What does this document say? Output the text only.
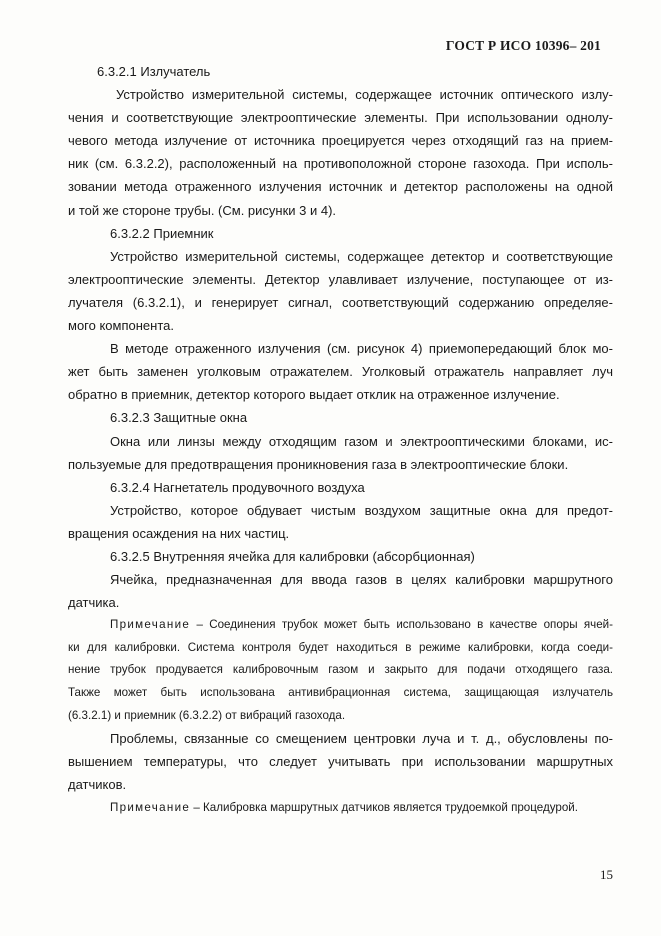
ГОСТ Р ИСО 10396– 201
6.3.2.1 Излучатель
Устройство измерительной системы, содержащее источник оптического излу-
чения и соответствующие электрооптические элементы. При использовании однолу-
чевого метода излучение от источника проецируется через отходящий газ на прием-
ник (см. 6.3.2.2), расположенный на противоположной стороне газохода. При исполь-
зовании метода отраженного излучения источник и детектор расположены на одной
и той же стороне трубы. (См. рисунки 3 и 4).
6.3.2.2 Приемник
Устройство измерительной системы, содержащее детектор и соответствующие
электрооптические элементы. Детектор улавливает излучение, поступающее от из-
лучателя (6.3.2.1), и генерирует сигнал, соответствующий содержанию определяе-
мого компонента.
В методе отраженного излучения (см. рисунок 4) приемопередающий блок мо-
жет быть заменен уголковым отражателем. Уголковый отражатель направляет луч
обратно в приемник, детектор которого выдает отклик на отраженное излучение.
6.3.2.3 Защитные окна
Окна или линзы между отходящим газом и электрооптическими блоками, ис-
пользуемые для предотвращения проникновения газа в электрооптические блоки.
6.3.2.4 Нагнетатель продувочного воздуха
Устройство, которое обдувает чистым воздухом защитные окна для предот-
вращения осаждения на них частиц.
6.3.2.5 Внутренняя ячейка для калибровки (абсорбционная)
Ячейка, предназначенная для ввода газов в целях калибровки маршрутного
датчика.
Примечание – Соединения трубок может быть использовано в качестве опоры ячей-
ки для калибровки. Система контроля будет находиться в режиме калибровки, когда соеди-
нение трубок продувается калибровочным газом и закрыто для подачи отходящего газа.
Также может быть использована антивибрационная система, защищающая излучатель
(6.3.2.1) и приемник (6.3.2.2) от вибраций газохода.
Проблемы, связанные со смещением центровки луча и т. д., обусловлены по-
вышением температуры, что следует учитывать при использовании маршрутных
датчиков.
Примечание – Калибровка маршрутных датчиков является трудоемкой процедурой.
15
